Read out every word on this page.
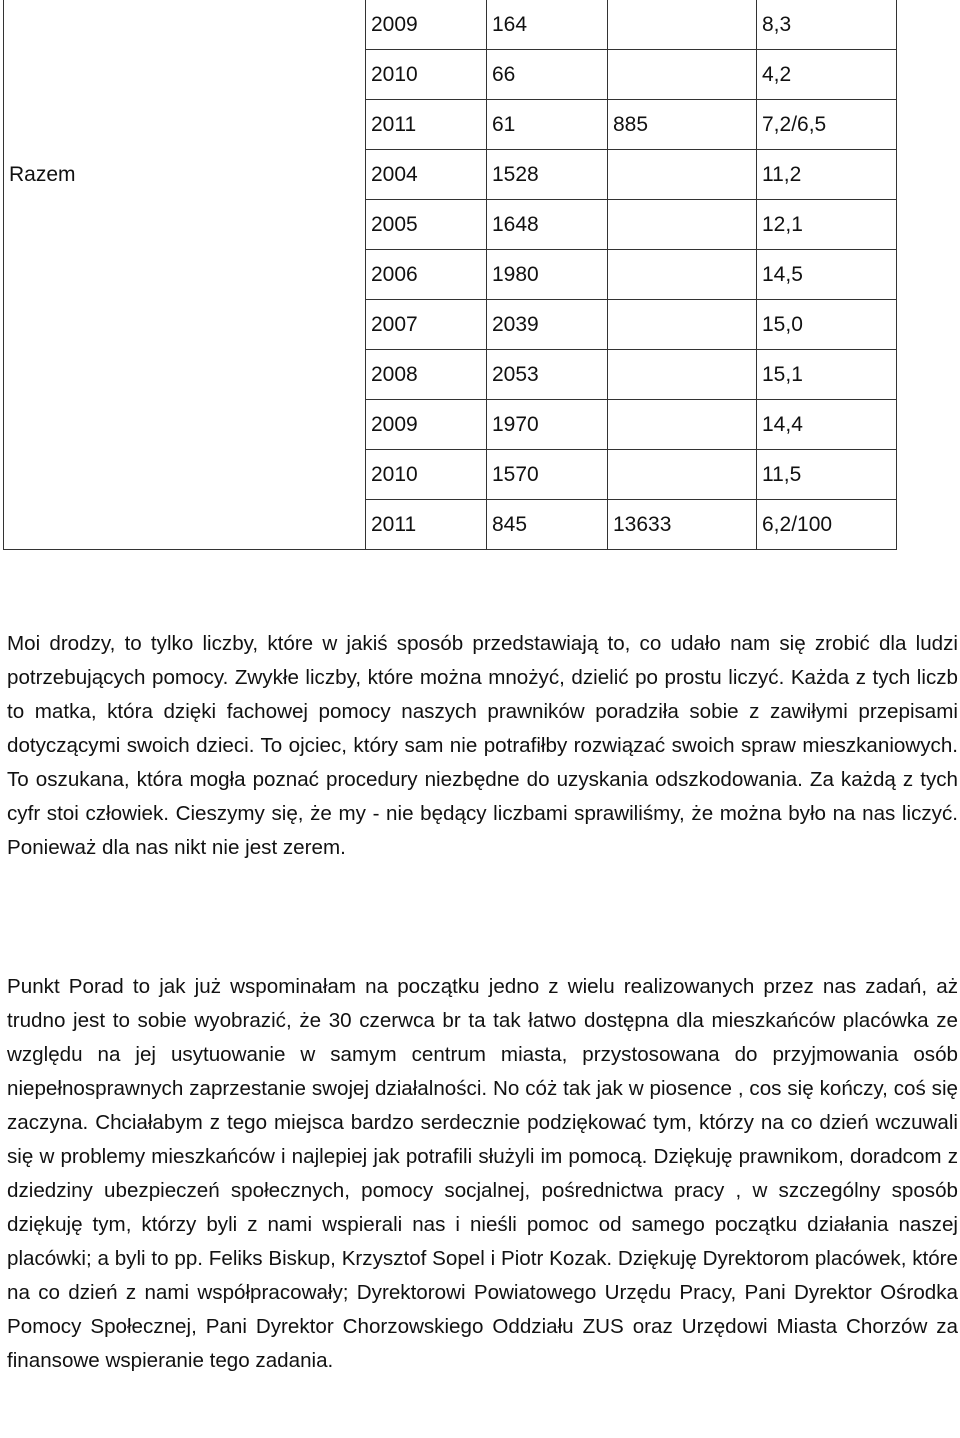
	2009	164		8,3
	2010	66		4,2
	2011	61	885	7,2/6,5
Razem	2004	1528		11,2
	2005	1648		12,1
	2006	1980		14,5
	2007	2039		15,0
	2008	2053		15,1
	2009	1970		14,4
	2010	1570		11,5
	2011	845	13633	6,2/100

Moi drodzy, to tylko liczby, które w jakiś sposób przedstawiają to, co udało nam się zrobić dla ludzi potrzebujących pomocy. Zwykłe liczby, które można mnożyć, dzielić po prostu liczyć. Każda z tych liczb to matka, która dzięki fachowej pomocy naszych prawników poradziła sobie z zawiłymi przepisami dotyczącymi swoich dzieci. To ojciec, który sam nie potrafiłby rozwiązać swoich spraw mieszkaniowych. To oszukana, która mogła poznać procedury niezbędne do uzyskania odszkodowania. Za każdą z tych cyfr stoi człowiek. Cieszymy się, że my - nie będący liczbami sprawiliśmy, że można było na nas liczyć. Ponieważ dla nas nikt nie jest zerem.

Punkt Porad to jak już wspominałam na początku jedno z wielu realizowanych przez nas zadań, aż trudno jest to sobie wyobrazić, że 30 czerwca br ta tak łatwo dostępna dla mieszkańców placówka ze względu na jej usytuowanie w samym centrum miasta, przystosowana do przyjmowania osób niepełnosprawnych zaprzestanie swojej działalności. No cóż tak jak w piosence , cos się kończy, coś się zaczyna. Chciałabym z tego miejsca bardzo serdecznie podziękować tym, którzy na co dzień wczuwali się w problemy mieszkańców i najlepiej jak potrafili służyli im pomocą. Dziękuję prawnikom, doradcom z dziedziny ubezpieczeń społecznych, pomocy socjalnej, pośrednictwa pracy , w szczególny sposób dziękuję tym, którzy byli z nami wspierali nas i nieśli pomoc od samego początku działania naszej placówki; a byli to pp. Feliks Biskup, Krzysztof Sopel i Piotr Kozak. Dziękuję Dyrektorom placówek, które na co dzień z nami współpracowały; Dyrektorowi Powiatowego Urzędu Pracy, Pani Dyrektor Ośrodka Pomocy Społecznej, Pani Dyrektor Chorzowskiego Oddziału ZUS oraz Urzędowi Miasta Chorzów za finansowe wspieranie tego zadania.
